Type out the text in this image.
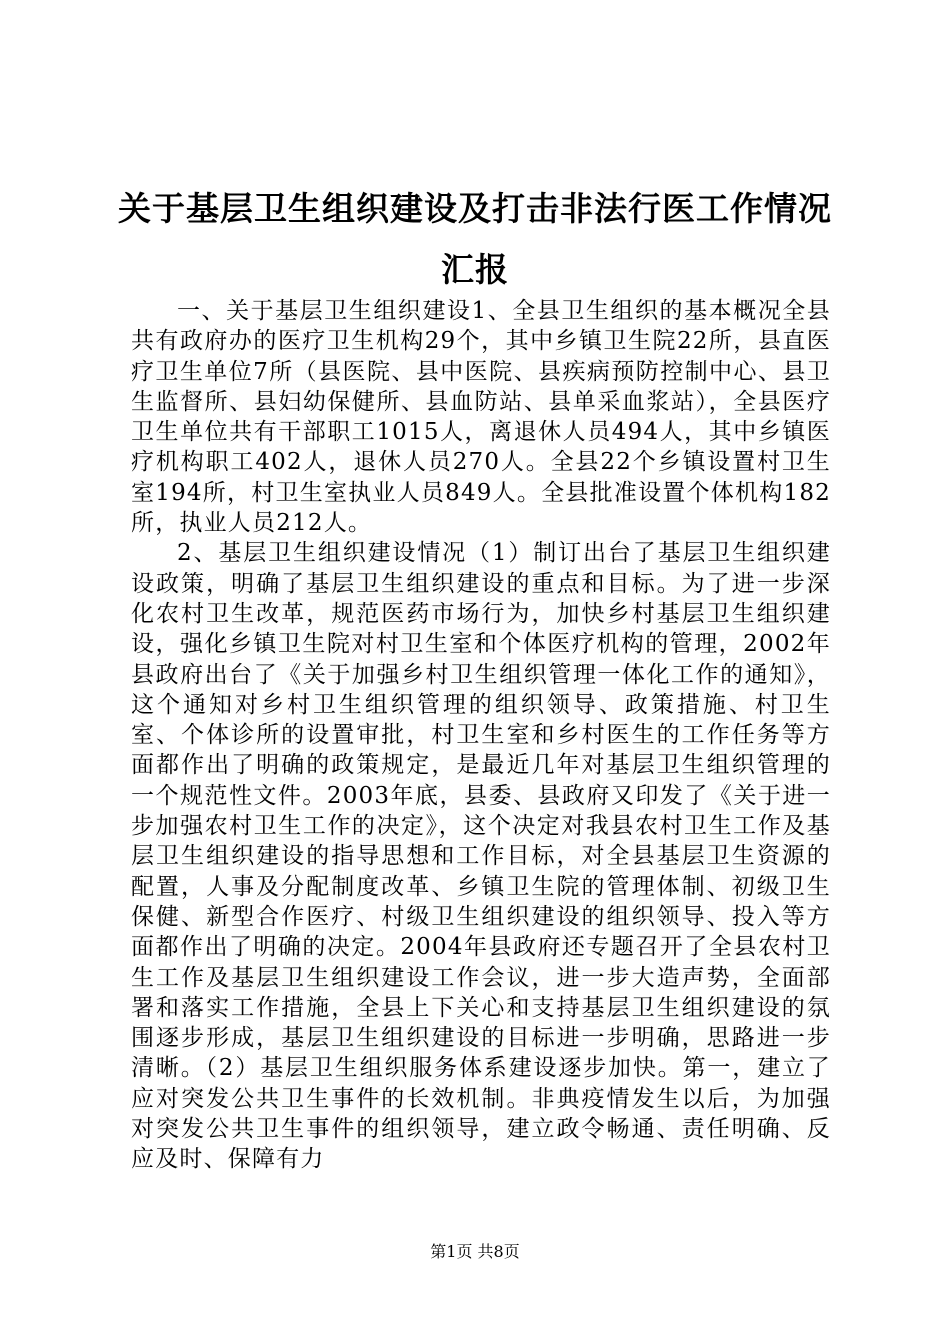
关于基层卫生组织建设及打击非法行医工作情况汇报

一、关于基层卫生组织建设1、全县卫生组织的基本概况全县共有政府办的医疗卫生机构29个，其中乡镇卫生院22所，县直医疗卫生单位7所（县医院、县中医院、县疾病预防控制中心、县卫生监督所、县妇幼保健所、县血防站、县单采血浆站），全县医疗卫生单位共有干部职工1015人，离退休人员494人，其中乡镇医疗机构职工402人，退休人员270人。全县22个乡镇设置村卫生室194所，村卫生室执业人员849人。全县批准设置个体机构182所，执业人员212人。

2、基层卫生组织建设情况（1）制订出台了基层卫生组织建设政策，明确了基层卫生组织建设的重点和目标。为了进一步深化农村卫生改革，规范医药市场行为，加快乡村基层卫生组织建设，强化乡镇卫生院对村卫生室和个体医疗机构的管理，2002年县政府出台了《关于加强乡村卫生组织管理一体化工作的通知》，这个通知对乡村卫生组织管理的组织领导、政策措施、村卫生室、个体诊所的设置审批，村卫生室和乡村医生的工作任务等方面都作出了明确的政策规定，是最近几年对基层卫生组织管理的一个规范性文件。2003年底，县委、县政府又印发了《关于进一步加强农村卫生工作的决定》，这个决定对我县农村卫生工作及基层卫生组织建设的指导思想和工作目标，对全县基层卫生资源的配置，人事及分配制度改革、乡镇卫生院的管理体制、初级卫生保健、新型合作医疗、村级卫生组织建设的组织领导、投入等方面都作出了明确的决定。2004年县政府还专题召开了全县农村卫生工作及基层卫生组织建设工作会议，进一步大造声势，全面部署和落实工作措施，全县上下关心和支持基层卫生组织建设的氛围逐步形成，基层卫生组织建设的目标进一步明确，思路进一步清晰。（2）基层卫生组织服务体系建设逐步加快。第一，建立了应对突发公共卫生事件的长效机制。非典疫情发生以后，为加强对突发公共卫生事件的组织领导，建立政令畅通、责任明确、反应及时、保障有力

第1页 共8页
